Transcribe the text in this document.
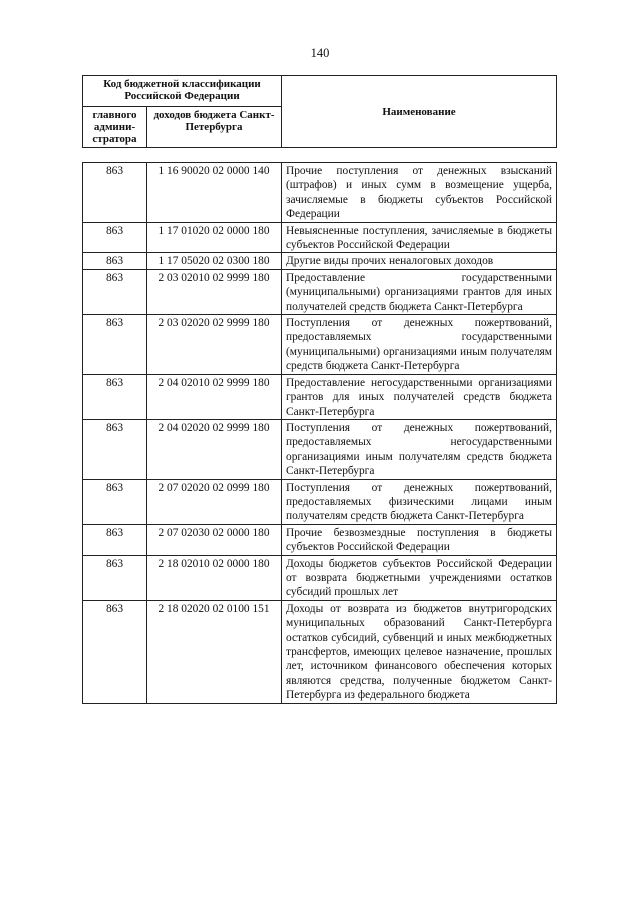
140
Код бюджетной классификации Российской Федерации		Наименование
главного админи-стратора	доходов бюджета Санкт-Петербурга	
863	1 16 90020 02 0000 140	Прочие поступления от денежных взысканий (штрафов) и иных сумм в возмещение ущерба, зачисляемые в бюджеты субъектов Российской Федерации
863	1 17 01020 02 0000 180	Невыясненные поступления, зачисляемые в бюджеты субъектов Российской Федерации
863	1 17 05020 02 0300 180	Другие виды прочих неналоговых доходов
863	2 03 02010 02 9999 180	Предоставление государственными (муниципальными) организациями грантов для иных получателей средств бюджета Санкт-Петербурга
863	2 03 02020 02 9999 180	Поступления от денежных пожертвований, предоставляемых государственными (муниципальными) организациями иным получателям средств бюджета Санкт-Петербурга
863	2 04 02010 02 9999 180	Предоставление негосударственными организациями грантов для иных получателей средств бюджета Санкт-Петербурга
863	2 04 02020 02 9999 180	Поступления от денежных пожертвований, предоставляемых негосударственными организациями иным получателям средств бюджета Санкт-Петербурга
863	2 07 02020 02 0999 180	Поступления от денежных пожертвований, предоставляемых физическими лицами иным получателям средств бюджета Санкт-Петербурга
863	2 07 02030 02 0000 180	Прочие безвозмездные поступления в бюджеты субъектов Российской Федерации
863	2 18 02010 02 0000 180	Доходы бюджетов субъектов Российской Федерации от возврата бюджетными учреждениями остатков субсидий прошлых лет
863	2 18 02020 02 0100 151	Доходы от возврата из бюджетов внутригородских муниципальных образований Санкт-Петербурга остатков субсидий, субвенций и иных межбюджетных трансфертов, имеющих целевое назначение, прошлых лет, источником финансового обеспечения которых являются средства, полученные бюджетом Санкт-Петербурга из федерального бюджета
